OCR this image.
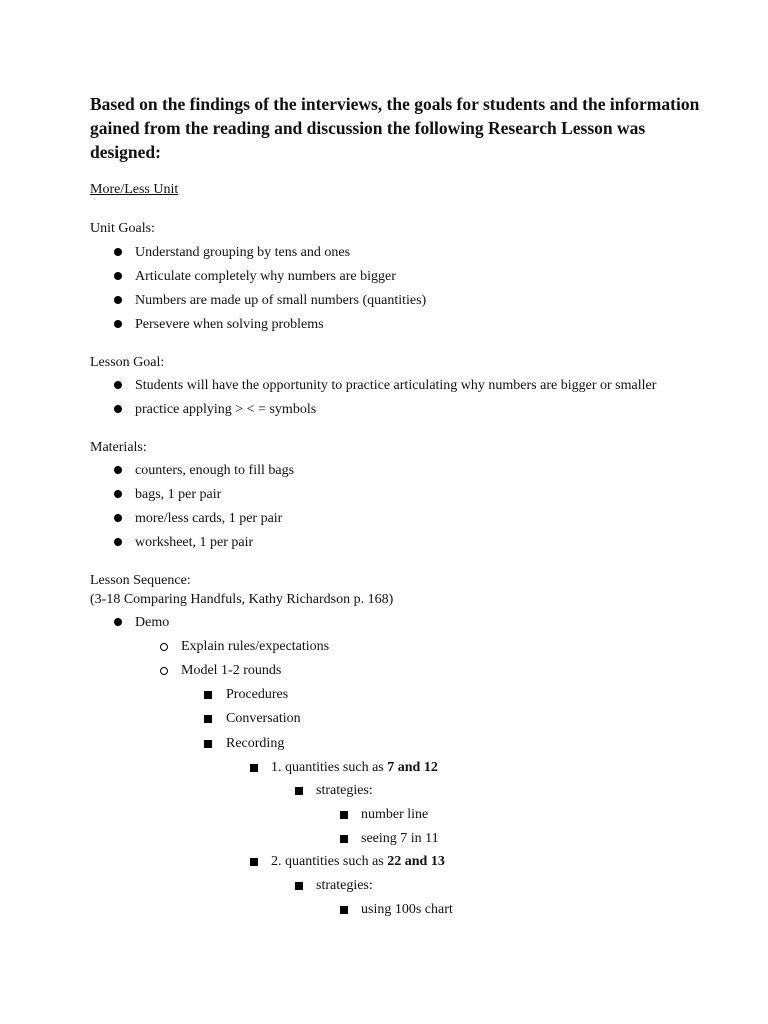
Based on the findings of the interviews, the goals for students and the information gained from the reading and discussion the following Research Lesson was designed:

More/Less Unit
Unit Goals:
Understand grouping by tens and ones
Articulate completely why numbers are bigger
Numbers are made up of small numbers (quantities)
Persevere when solving problems
Lesson Goal:
Students will have the opportunity to practice articulating why numbers are bigger or smaller
practice applying > < = symbols
Materials:
counters, enough to fill bags
bags, 1 per pair
more/less cards, 1 per pair
worksheet, 1 per pair
Lesson Sequence:
(3-18 Comparing Handfuls, Kathy Richardson p. 168)
Demo
Explain rules/expectations
Model 1-2 rounds
Procedures
Conversation
Recording
1. quantities such as 7 and 12
strategies:
number line
seeing 7 in 11
2. quantities such as 22 and 13
strategies:
using 100s chart
